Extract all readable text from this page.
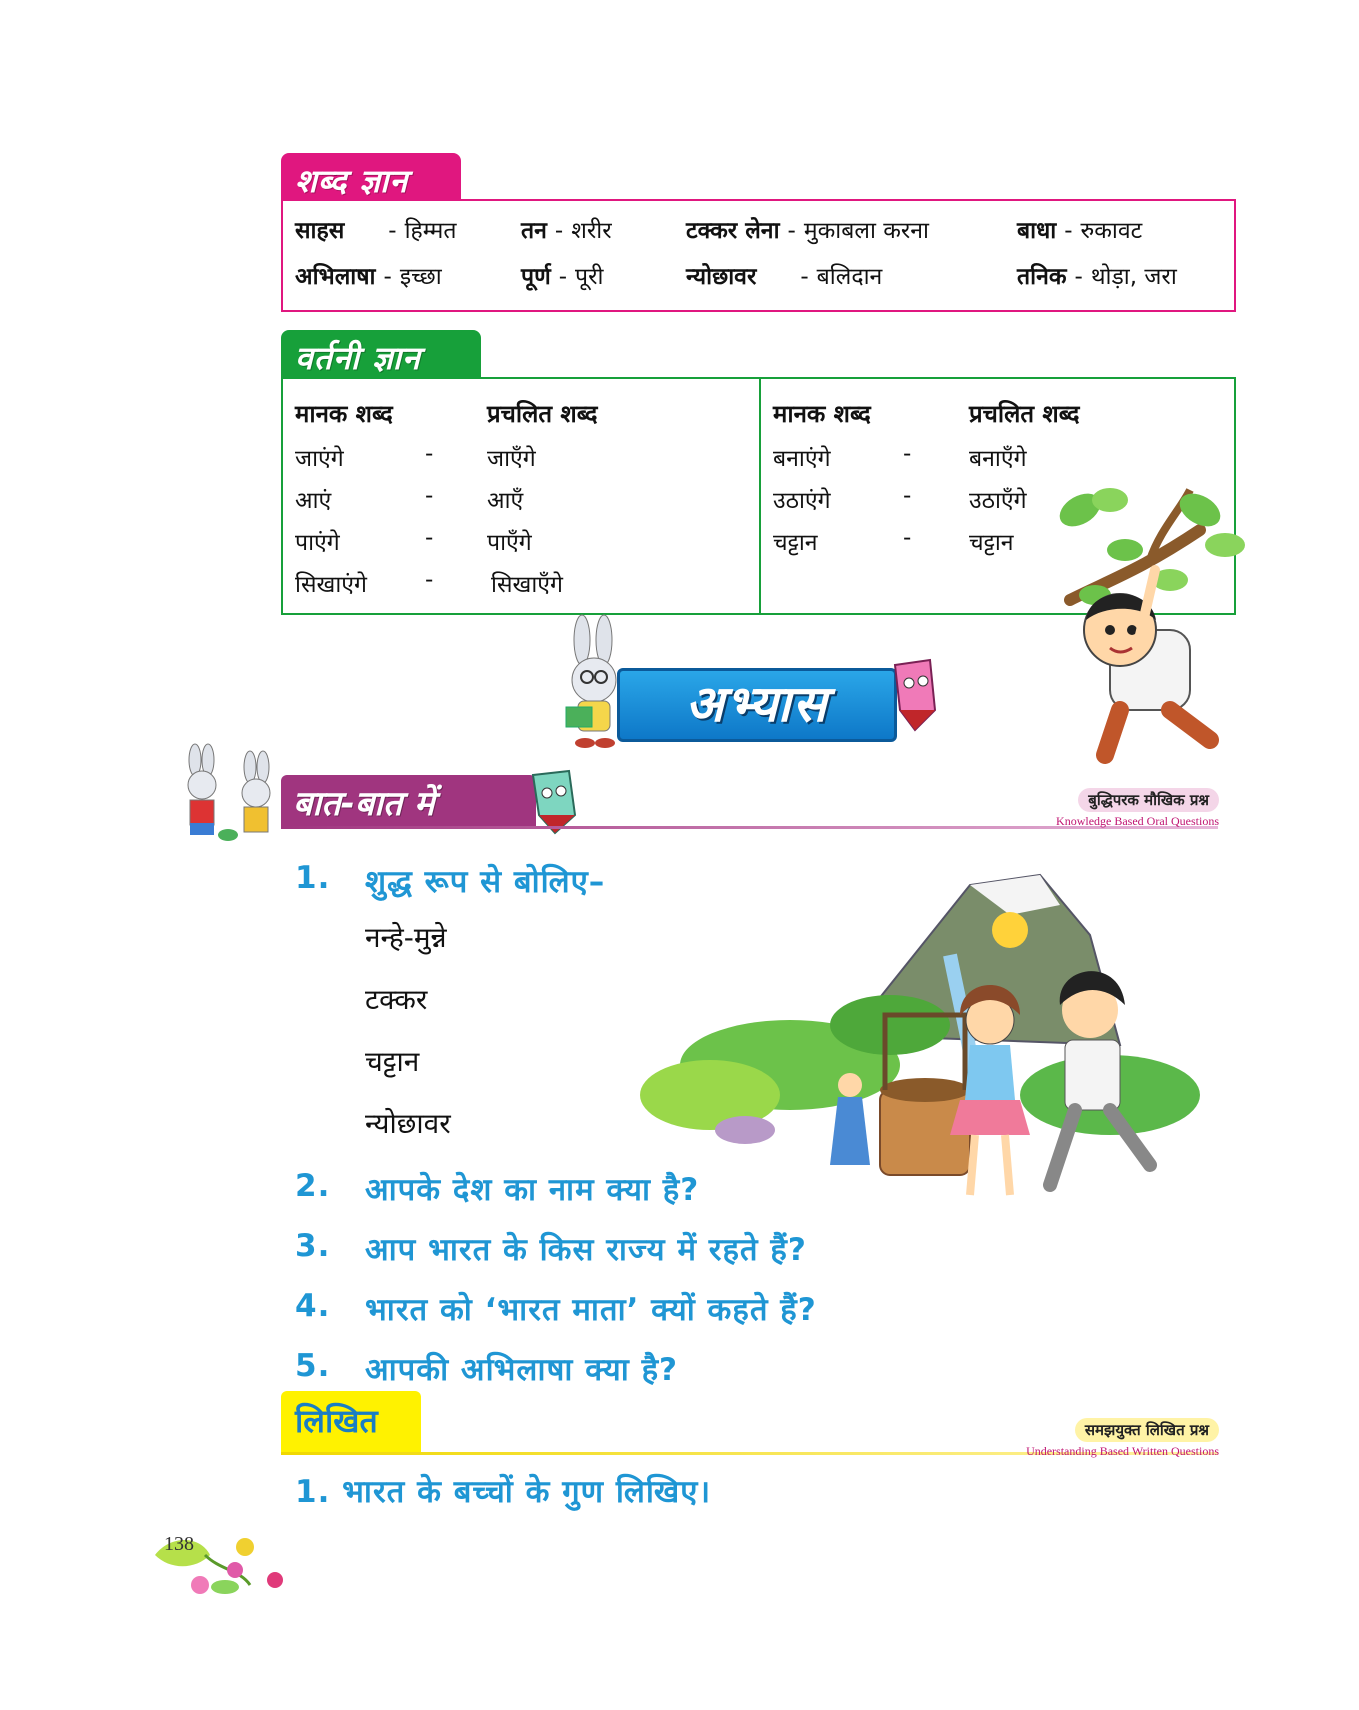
शब्द ज्ञान
साहस - हिम्मत	तन - शरीर	टक्कर लेना - मुकाबला करना	बाधा - रुकावट
अभिलाषा - इच्छा	पूर्ण - पूरी	न्योछावर - बलिदान	तनिक - थोड़ा, जरा
वर्तनी ज्ञान
मानक शब्द	प्रचलित शब्द
जाएंगे	- जाएँगे
आएं	- आएँ
पाएंगे	- पाएँगे
सिखाएंगे	-	सिखाएँगे
मानक शब्द	प्रचलित शब्द
बनाएंगे	-	बनाएँगे
उठाएंगे	-	उठाएँगे
चट्टान	-	चट्टान
अभ्यास
बात-बात में	बुद्धिपरक मौखिक प्रश्न
Knowledge Based Oral Questions
1.	शुद्ध रूप से बोलिए–
नन्हे-मुन्ने
टक्कर
चट्टान
न्योछावर
2.	आपके देश का नाम क्या है?
3.	आप भारत के किस राज्य में रहते हैं?
4.	भारत को ‘भारत माता’ क्यों कहते हैं?
5.	आपकी अभिलाषा क्या है?
लिखित	समझयुक्त लिखित प्रश्न
Understanding Based Written Questions
1. भारत के बच्चों के गुण लिखिए।
138
